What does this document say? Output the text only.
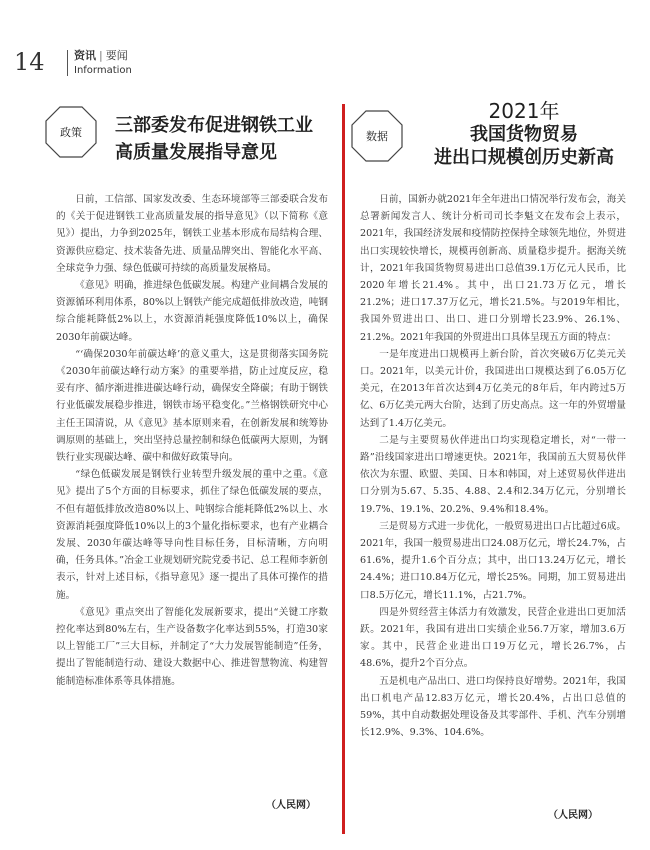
14	资讯 | 要闻
Information
政策	三部委发布促进钢铁工业
高质量发展指导意见

日前，工信部、国家发改委、生态环境部等三部委联合发布的《关于促进钢铁工业高质量发展的指导意见》（以下简称《意见》）提出，力争到2025年，钢铁工业基本形成布局结构合理、资源供应稳定、技术装备先进、质量品牌突出、智能化水平高、全球竞争力强、绿色低碳可持续的高质量发展格局。

《意见》明确，推进绿色低碳发展。构建产业间耦合发展的资源循环利用体系，80%以上钢铁产能完成超低排放改造，吨钢综合能耗降低2%以上，水资源消耗强度降低10%以上，确保2030年前碳达峰。

“‘确保2030年前碳达峰’的意义重大，这是贯彻落实国务院《2030年前碳达峰行动方案》的重要举措，防止过度反应，稳妥有序、循序渐进推进碳达峰行动，确保安全降碳；有助于钢铁行业低碳发展稳步推进，钢铁市场平稳变化。”兰格钢铁研究中心主任王国清说，从《意见》基本原则来看，在创新发展和统筹协调原则的基础上，突出坚持总量控制和绿色低碳两大原则，为钢铁行业实现碳达峰、碳中和做好政策导向。

“绿色低碳发展是钢铁行业转型升级发展的重中之重。《意见》提出了5个方面的目标要求，抓住了绿色低碳发展的要点，不但有超低排放改造80%以上、吨钢综合能耗降低2%以上、水资源消耗强度降低10%以上的3个量化指标要求，也有产业耦合发展、2030年碳达峰等导向性目标任务，目标清晰，方向明确，任务具体。”冶金工业规划研究院党委书记、总工程师李新创表示，针对上述目标，《指导意见》逐一提出了具体可操作的措施。

《意见》重点突出了智能化发展新要求，提出“关键工序数控化率达到80%左右，生产设备数字化率达到55%，打造30家以上智能工厂”三大目标，并制定了“大力发展智能制造”任务，提出了智能制造行动、建设大数据中心、推进智慧物流、构建智能制造标准体系等具体措施。

（人民网）
数据
2021年
我国货物贸易
进出口规模创历史新高

日前，国新办就2021年全年进出口情况举行发布会，海关总署新闻发言人、统计分析司司长李魁文在发布会上表示，2021年，我国经济发展和疫情防控保持全球领先地位，外贸进出口实现较快增长，规模再创新高、质量稳步提升。据海关统计，2021年我国货物贸易进出口总值39.1万亿元人民币，比2020年增长21.4%。其中，出口21.73万亿元，增长21.2%；进口17.37万亿元，增长21.5%。与2019年相比，我国外贸进出口、出口、进口分别增长23.9%、26.1%、21.2%。2021年我国的外贸进出口具体呈现五方面的特点：

一是年度进出口规模再上新台阶，首次突破6万亿美元关口。2021年，以美元计价，我国进出口规模达到了6.05万亿美元，在2013年首次达到4万亿美元的8年后，年内跨过5万亿、6万亿美元两大台阶，达到了历史高点。这一年的外贸增量达到了1.4万亿美元。

二是与主要贸易伙伴进出口均实现稳定增长，对“一带一路”沿线国家进出口增速更快。2021年，我国前五大贸易伙伴依次为东盟、欧盟、美国、日本和韩国，对上述贸易伙伴进出口分别为5.67、5.35、4.88、2.4和2.34万亿元，分别增长19.7%、19.1%、20.2%、9.4%和18.4%。

三是贸易方式进一步优化，一般贸易进出口占比超过6成。2021年，我国一般贸易进出口24.08万亿元，增长24.7%，占61.6%，提升1.6个百分点；其中，出口13.24万亿元，增长24.4%；进口10.84万亿元，增长25%。同期，加工贸易进出口8.5万亿元，增长11.1%，占21.7%。

四是外贸经营主体活力有效激发，民营企业进出口更加活跃。2021年，我国有进出口实绩企业56.7万家，增加3.6万家。其中，民营企业进出口19万亿元，增长26.7%，占48.6%，提升2个百分点。

五是机电产品出口、进口均保持良好增势。2021年，我国出口机电产品12.83万亿元，增长20.4%，占出口总值的59%，其中自动数据处理设备及其零部件、手机、汽车分别增长12.9%、9.3%、104.6%。

（人民网）
